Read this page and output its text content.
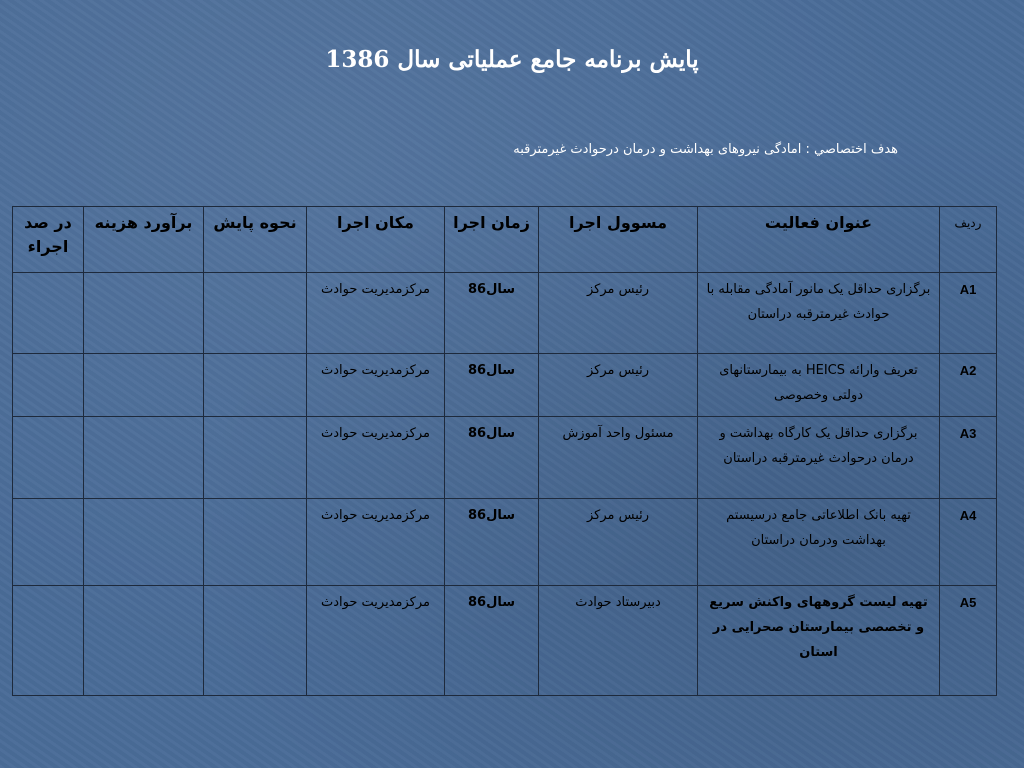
پایش برنامه جامع عملیاتی سال 1386
هدف اختصاصي : امادگی نیروهای بهداشت و درمان درحوادث غیرمترقبه
رديف	عنوان فعالیت	مسوول اجرا	زمان اجرا	مکان اجرا	نحوه پایش	برآورد هزینه	در صد اجراء
A1	برگزاری حداقل یک مانور آمادگی مقابله با حوادث غیرمترقبه دراستان	رئیس مرکز	سال86	مرکزمدیریت حوادث			
A2	تعریف وارائه HEICS به بیمارستانهای دولتی وخصوصی	رئیس مرکز	سال86	مرکزمدیریت حوادث			
A3	برگزاری حداقل یک کارگاه بهداشت و درمان درحوادث غیرمترقبه دراستان	مسئول واحد آموزش	سال86	مرکزمدیریت حوادث			
A4	تهیه بانک اطلاعاتی جامع درسیستم بهداشت ودرمان دراستان	رئیس مرکز	سال86	مرکزمدیریت حوادث			
A5	تهیه لیست گروههای واکنش سریع و تخصصی بیمارستان صحرایی در استان	دبیرستاد حوادث	سال86	مرکزمدیریت حوادث			
